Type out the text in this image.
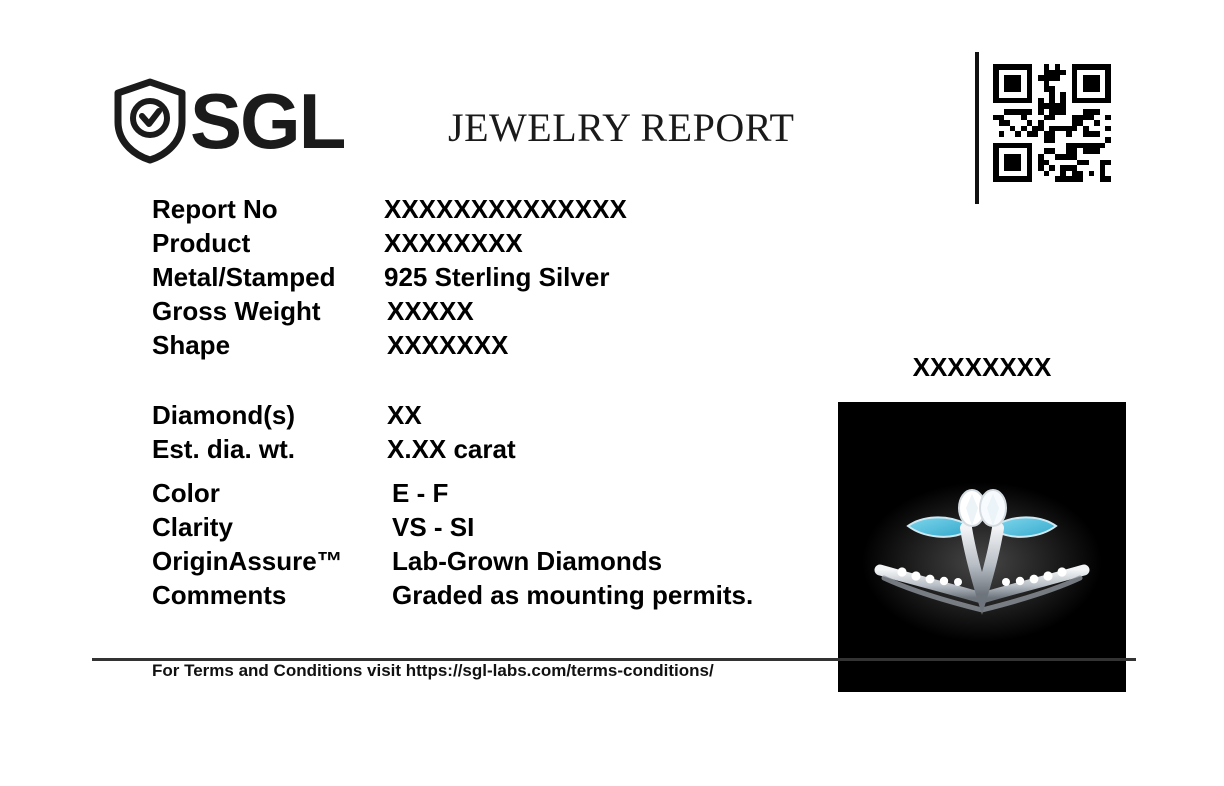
SGL	JEWELRY REPORT
Report No	XXXXXXXXXXXXXX
Product	XXXXXXXX
Metal/Stamped	925 Sterling Silver
Gross Weight	XXXXX
Shape	XXXXXXX
Diamond(s)	XX
Est. dia. wt.	X.XX carat
Color	E - F
Clarity	VS - SI
OriginAssure™	Lab-Grown Diamonds
Comments	Graded as mounting permits.
XXXXXXXX
For Terms and Conditions visit https://sgl-labs.com/terms-conditions/
